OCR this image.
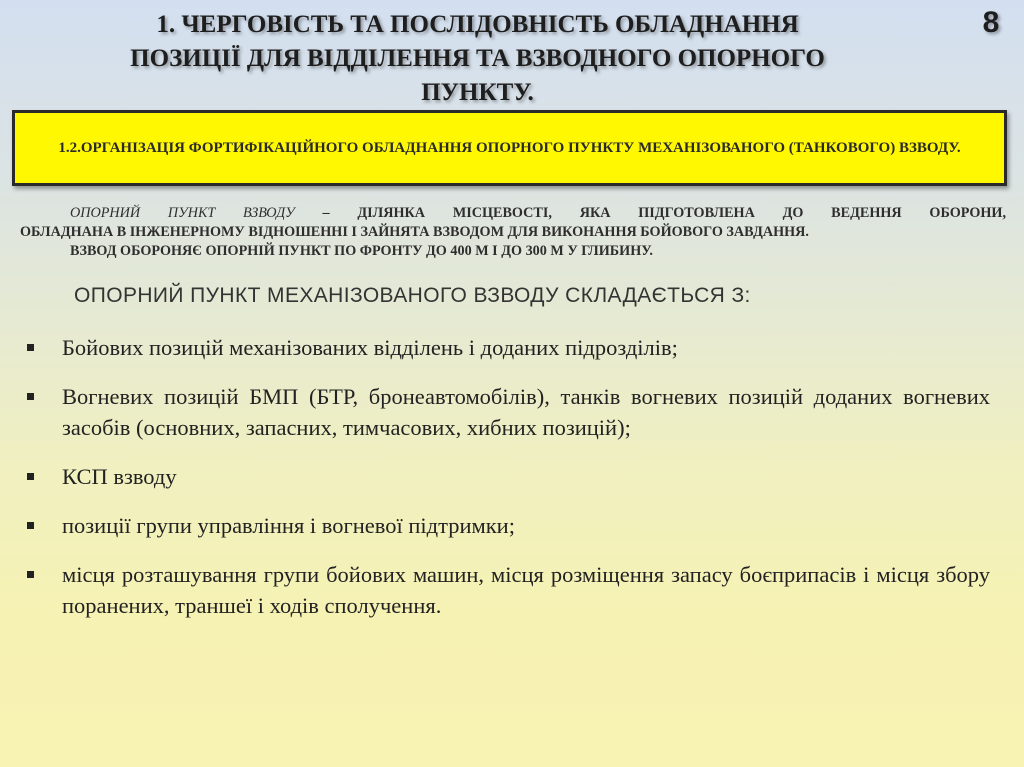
1. ЧЕРГОВІСТЬ ТА ПОСЛІДОВНІСТЬ ОБЛАДНАННЯ
ПОЗИЦІЇ ДЛЯ ВІДДІЛЕННЯ ТА ВЗВОДНОГО ОПОРНОГО
ПУНКТУ.
8
1.2.ОРГАНІЗАЦІЯ ФОРТИФІКАЦІЙНОГО ОБЛАДНАННЯ ОПОРНОГО ПУНКТУ МЕХАНІЗОВАНОГО (ТАНКОВОГО) ВЗВОДУ.
ОПОРНИЙ ПУНКТ ВЗВОДУ – ДІЛЯНКА МІСЦЕВОСТІ, ЯКА ПІДГОТОВЛЕНА ДО ВЕДЕННЯ ОБОРОНИ,
ОБЛАДНАНА В ІНЖЕНЕРНОМУ ВІДНОШЕННІ І ЗАЙНЯТА ВЗВОДОМ ДЛЯ ВИКОНАННЯ БОЙОВОГО ЗАВДАННЯ.
ВЗВОД ОБОРОНЯЄ ОПОРНІЙ ПУНКТ ПО ФРОНТУ ДО 400 М І ДО 300 М У ГЛИБИНУ.
ОПОРНИЙ ПУНКТ МЕХАНІЗОВАНОГО ВЗВОДУ СКЛАДАЄТЬСЯ З:
Бойових позицій механізованих відділень і доданих підрозділів;
Вогневих позицій БМП (БТР, бронеавтомобілів), танків вогневих позицій доданих вогневих засобів (основних, запасних, тимчасових, хибних позицій);
КСП взводу
позиції групи управління і вогневої підтримки;
місця розташування групи бойових машин, місця розміщення запасу боєприпасів і місця збору поранених, траншеї і ходів сполучення.
